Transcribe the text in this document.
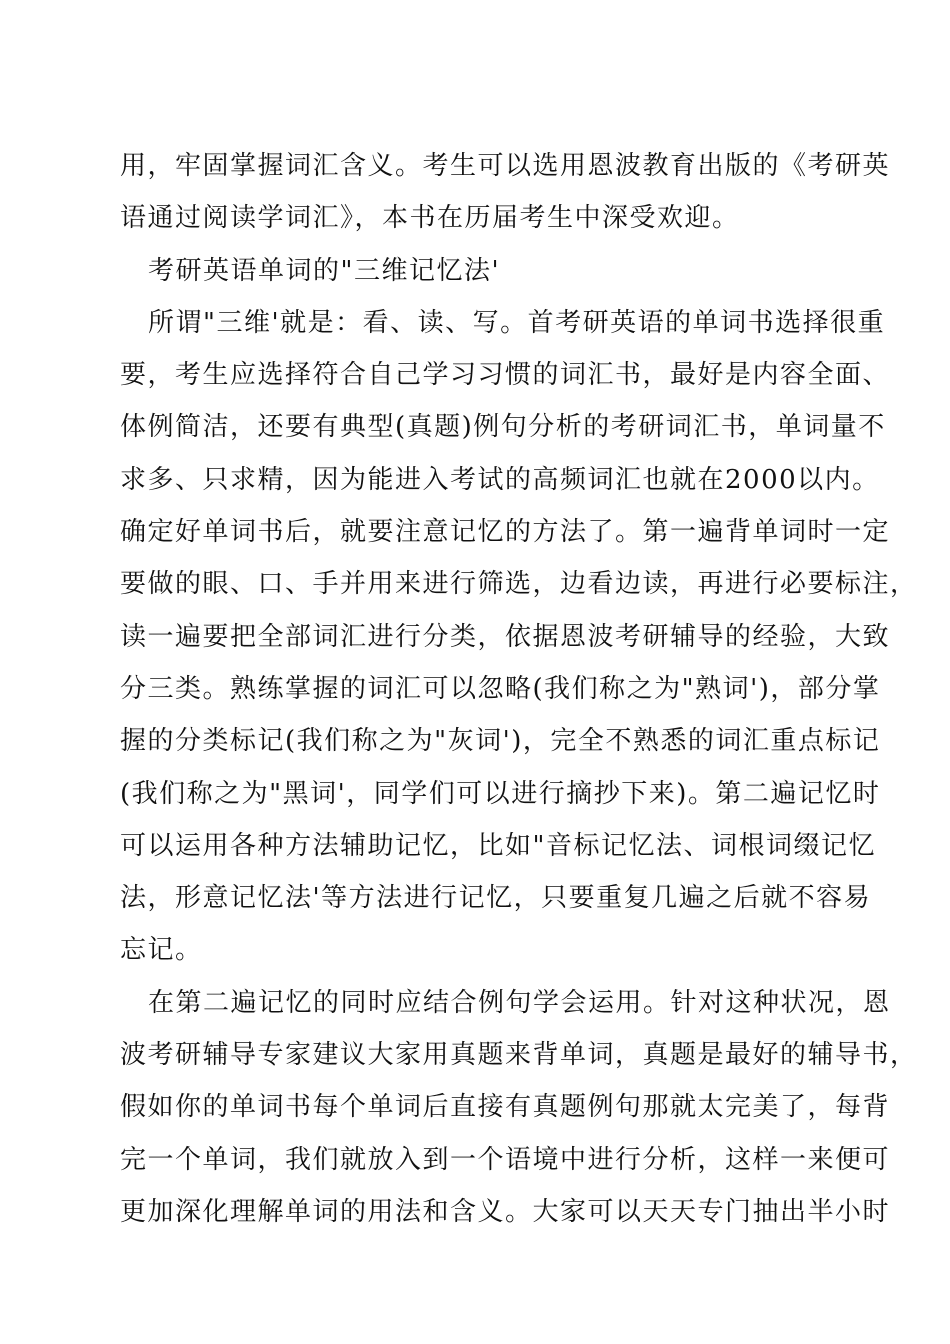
用，牢固掌握词汇含义。考生可以选用恩波教育出版的《考研英
语通过阅读学词汇》，本书在历届考生中深受欢迎。
考研英语单词的"三维记忆法'
所谓"三维'就是：看、读、写。首考研英语的单词书选择很重
要，考生应选择符合自己学习习惯的词汇书，最好是内容全面、
体例简洁，还要有典型(真题)例句分析的考研词汇书，单词量不
求多、只求精，因为能进入考试的高频词汇也就在2000以内。
确定好单词书后，就要注意记忆的方法了。第一遍背单词时一定
要做的眼、口、手并用来进行筛选，边看边读，再进行必要标注，
读一遍要把全部词汇进行分类，依据恩波考研辅导的经验，大致
分三类。熟练掌握的词汇可以忽略(我们称之为"熟词')，部分掌
握的分类标记(我们称之为"灰词')，完全不熟悉的词汇重点标记
(我们称之为"黑词'，同学们可以进行摘抄下来)。第二遍记忆时
可以运用各种方法辅助记忆，比如"音标记忆法、词根词缀记忆
法，形意记忆法'等方法进行记忆，只要重复几遍之后就不容易
忘记。
在第二遍记忆的同时应结合例句学会运用。针对这种状况，恩
波考研辅导专家建议大家用真题来背单词，真题是最好的辅导书，
假如你的单词书每个单词后直接有真题例句那就太完美了，每背
完一个单词，我们就放入到一个语境中进行分析，这样一来便可
更加深化理解单词的用法和含义。大家可以天天专门抽出半小时
